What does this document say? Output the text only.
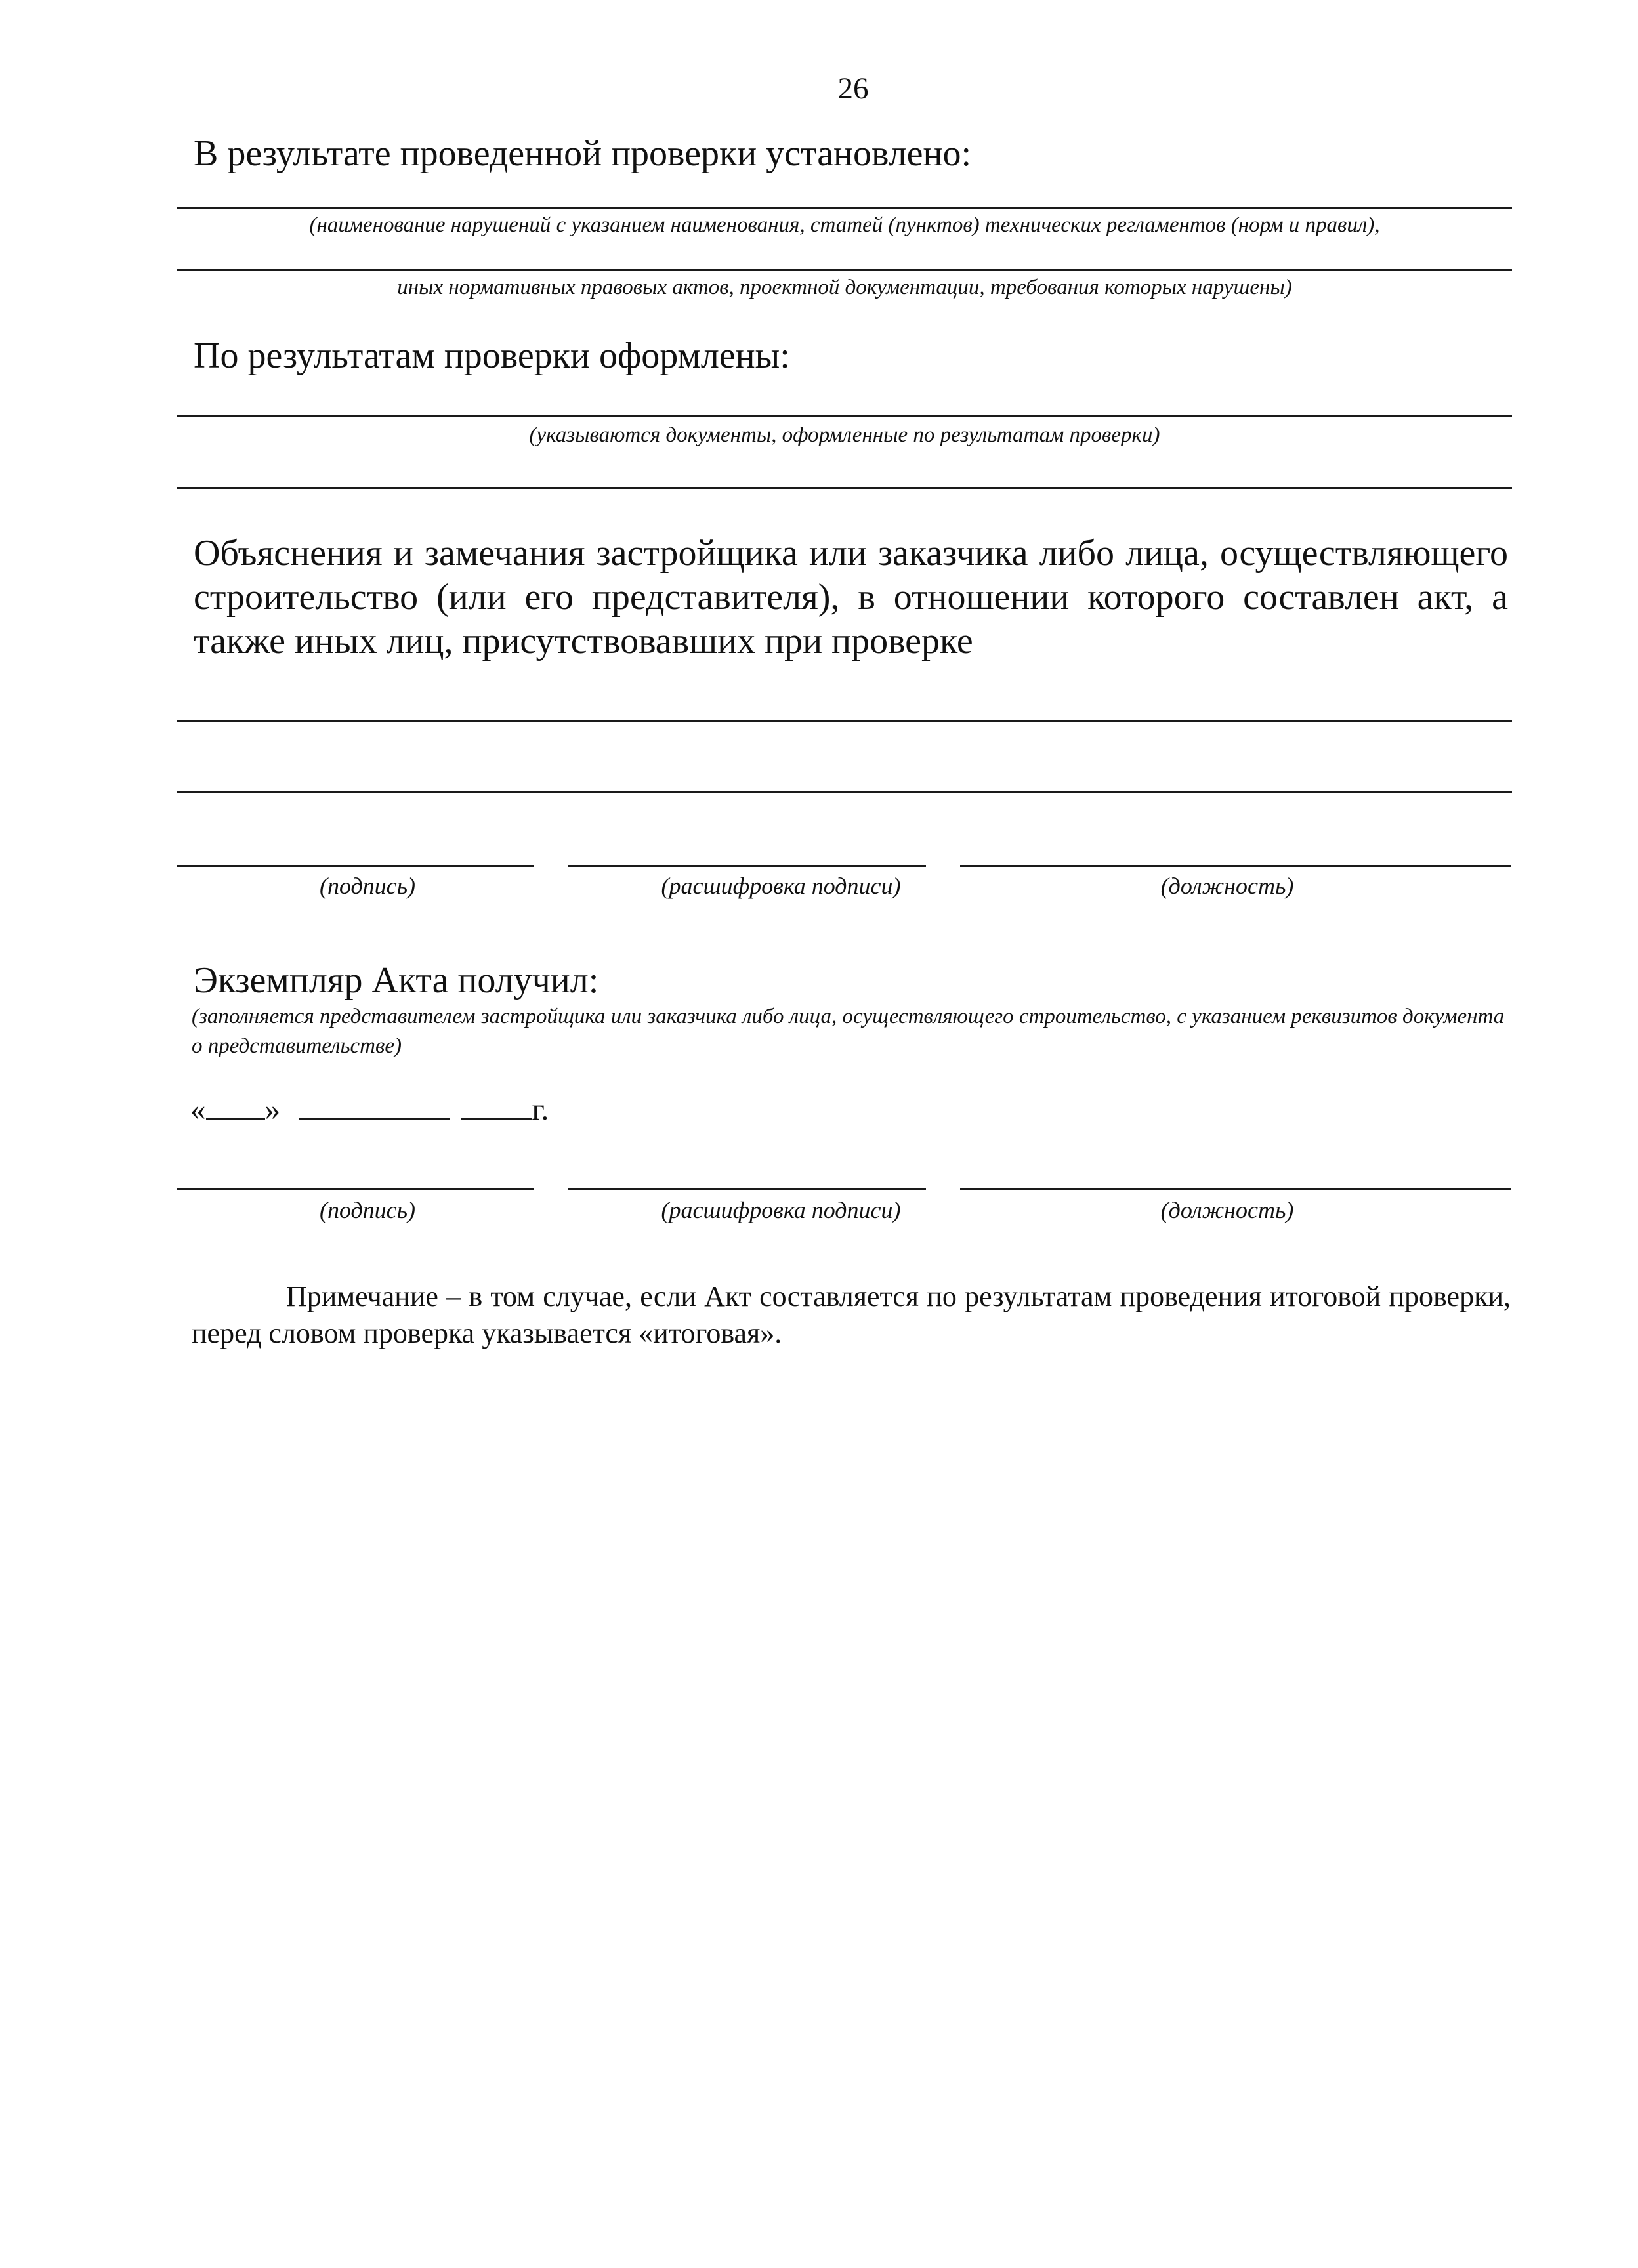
26
В результате проведенной проверки установлено:
(наименование нарушений с указанием наименования, статей (пунктов) технических регламентов (норм и правил),
иных нормативных правовых актов, проектной документации, требования которых нарушены)
По результатам проверки оформлены:
(указываются документы, оформленные по результатам проверки)
Объяснения и замечания застройщика или заказчика либо лица, осуществляющего строительство (или его представителя), в отношении которого составлен акт, а также иных лиц, присутствовавших при проверке
(подпись)	(расшифровка подписи)	(должность)
Экземпляр Акта получил:
(заполняется представителем застройщика или заказчика либо лица, осуществляющего строительство, с указанием реквизитов документа о представительстве)
« »	г.
(подпись)	(расшифровка подписи)	(должность)
Примечание – в том случае, если Акт составляется по результатам проведения итоговой проверки, перед словом проверка указывается «итоговая».
